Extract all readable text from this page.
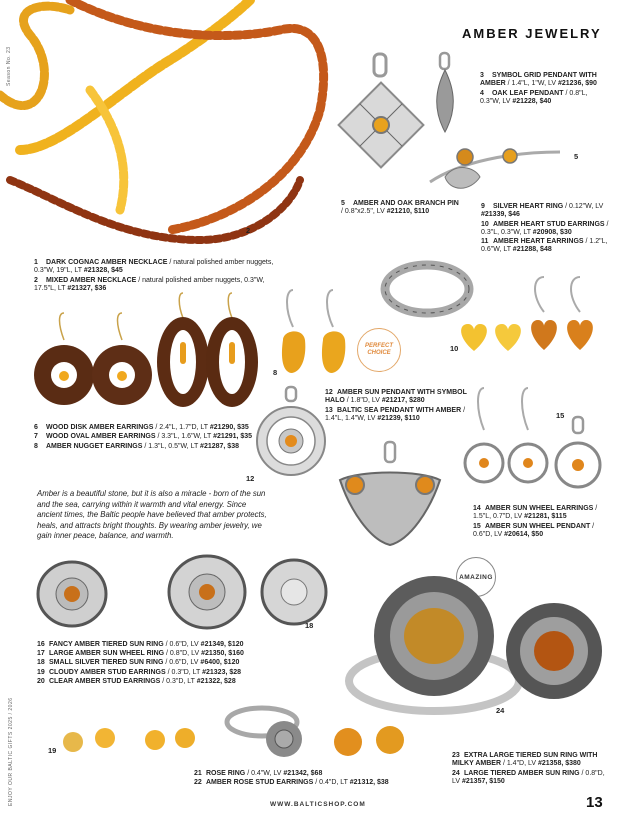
AMBER JEWELRY
Season No. 23
ENJOY OUR BALTIC GIFTS 2025 / 2026
2
5
10
8
PERFECT CHOICE
12
15
18
AMAZING
24
19
3 SYMBOL GRID PENDANT WITH AMBER / 1.4"L, 1"W, LV #21236, $90
4 OAK LEAF PENDANT / 0.8"L, 0.3"W, LV #21228, $40
5 AMBER AND OAK BRANCH PIN / 0.8"x2.5", LV #21210, $110
9 SILVER HEART RING / 0.12"W, LV #21339, $46
10 AMBER HEART STUD EARRINGS / 0.3"L, 0.3"W, LT #20908, $30
11 AMBER HEART EARRINGS / 1.2"L, 0.6"W, LT #21288, $48
1 DARK COGNAC AMBER NECKLACE / natural polished amber nuggets, 0.3"W, 19"L, LT #21328, $45
2 MIXED AMBER NECKLACE / natural polished amber nuggets, 0.3"W, 17.5"L, LT #21327, $36
6 WOOD DISK AMBER EARRINGS / 2.4"L, 1.7"D, LT #21290, $35
7 WOOD OVAL AMBER EARRINGS / 3.3"L, 1.6"W, LT #21291, $35
8 AMBER NUGGET EARRINGS / 1.3"L, 0.5"W, LT #21287, $38
12 AMBER SUN PENDANT WITH SYMBOL HALO / 1.8"D, LV #21217, $280
13 BALTIC SEA PENDANT WITH AMBER / 1.4"L, 1.4"W, LV #21239, $110
14 AMBER SUN WHEEL EARRINGS / 1.5"L, 0.7"D, LV #21281, $115
15 AMBER SUN WHEEL PENDANT / 0.6"D, LV #20614, $50
Amber is a beautiful stone, but it is also a miracle - born of the sun and the sea, carrying within it warmth and vital energy. Since ancient times, the Baltic people have believed that amber protects, heals, and attracts bright thoughts. By wearing amber jewelry, we gain inner peace, balance, and warmth.
16 FANCY AMBER TIERED SUN RING / 0.6"D, LV #21349, $120
17 LARGE AMBER SUN WHEEL RING / 0.8"D, LV #21350, $160
18 SMALL SILVER TIERED SUN RING / 0.6"D, LV #6400, $120
19 CLOUDY AMBER STUD EARRINGS / 0.3"D, LT #21323, $28
20 CLEAR AMBER STUD EARRINGS / 0.3"D, LT #21322, $28
21 ROSE RING / 0.4"W, LV #21342, $68
22 AMBER ROSE STUD EARRINGS / 0.4"D, LT #21312, $38
23 EXTRA LARGE TIERED SUN RING WITH MILKY AMBER / 1.4"D, LV #21358, $380
24 LARGE TIERED AMBER SUN RING / 0.8"D, LV #21357, $150
WWW.BALTICSHOP.COM	13
